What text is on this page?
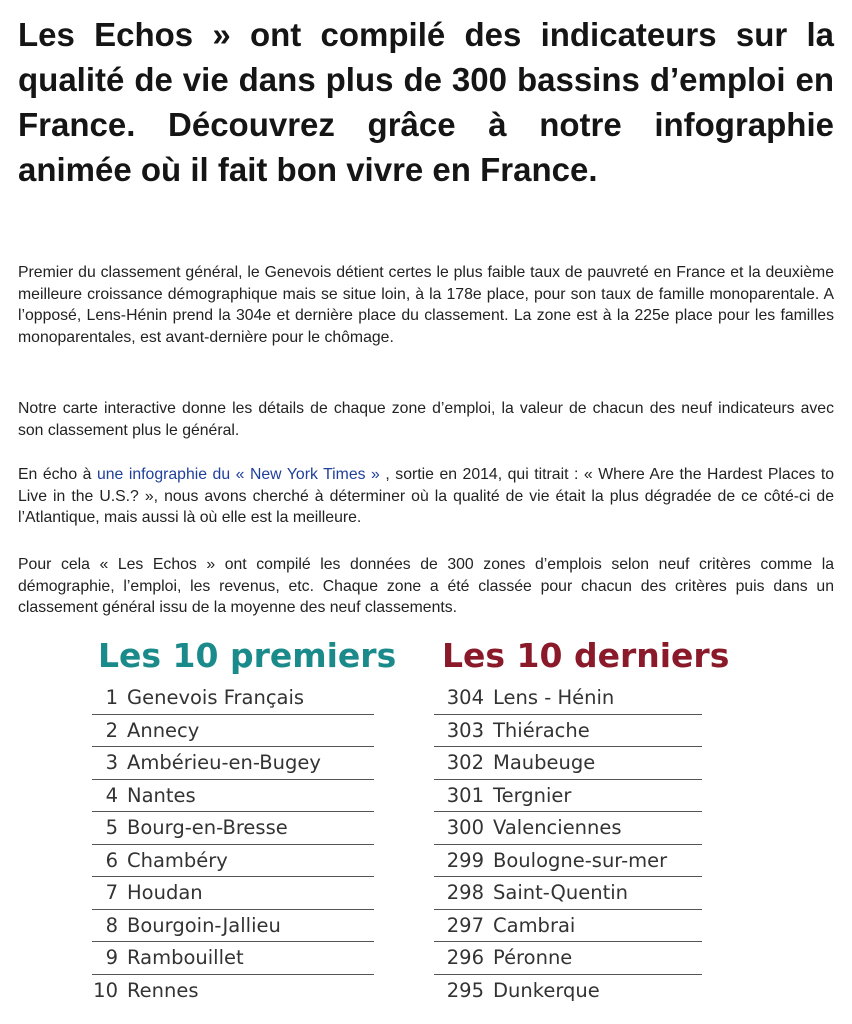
Les Echos » ont compilé des indicateurs sur la qualité de vie dans plus de 300 bassins d’emploi en France. Découvrez grâce à notre infographie animée où il fait bon vivre en France.

Premier du classement général, le Genevois détient certes le plus faible taux de pauvreté en France et la deuxième meilleure croissance démographique mais se situe loin, à la 178e place, pour son taux de famille monoparentale. A l’opposé, Lens-Hénin prend la 304e et dernière place du classement. La zone est à la 225e place pour les familles monoparentales, est avant-dernière pour le chômage.

Notre carte interactive donne les détails de chaque zone d’emploi, la valeur de chacun des neuf indicateurs avec son classement plus le général.

En écho à une infographie du « New York Times » , sortie en 2014, qui titrait : « Where Are the Hardest Places to Live in the U.S.? », nous avons cherché à déterminer où la qualité de vie était la plus dégradée de ce côté-ci de l’Atlantique, mais aussi là où elle est la meilleure.

Pour cela « Les Echos » ont compilé les données de 300 zones d’emplois selon neuf critères comme la démographie, l’emploi, les revenus, etc. Chaque zone a été classée pour chacun des critères puis dans un classement général issu de la moyenne des neuf classements.

Les 10 premiers Les 10 derniers
1 Genevois Français
2 Annecy
3 Ambérieu-en-Bugey
4 Nantes
5 Bourg-en-Bresse
6 Chambéry
7 Houdan
8 Bourgoin-Jallieu
9 Rambouillet
10 Rennes
304 Lens - Hénin
303 Thiérache
302 Maubeuge
301 Tergnier
300 Valenciennes
299 Boulogne-sur-mer
298 Saint-Quentin
297 Cambrai
296 Péronne
295 Dunkerque
